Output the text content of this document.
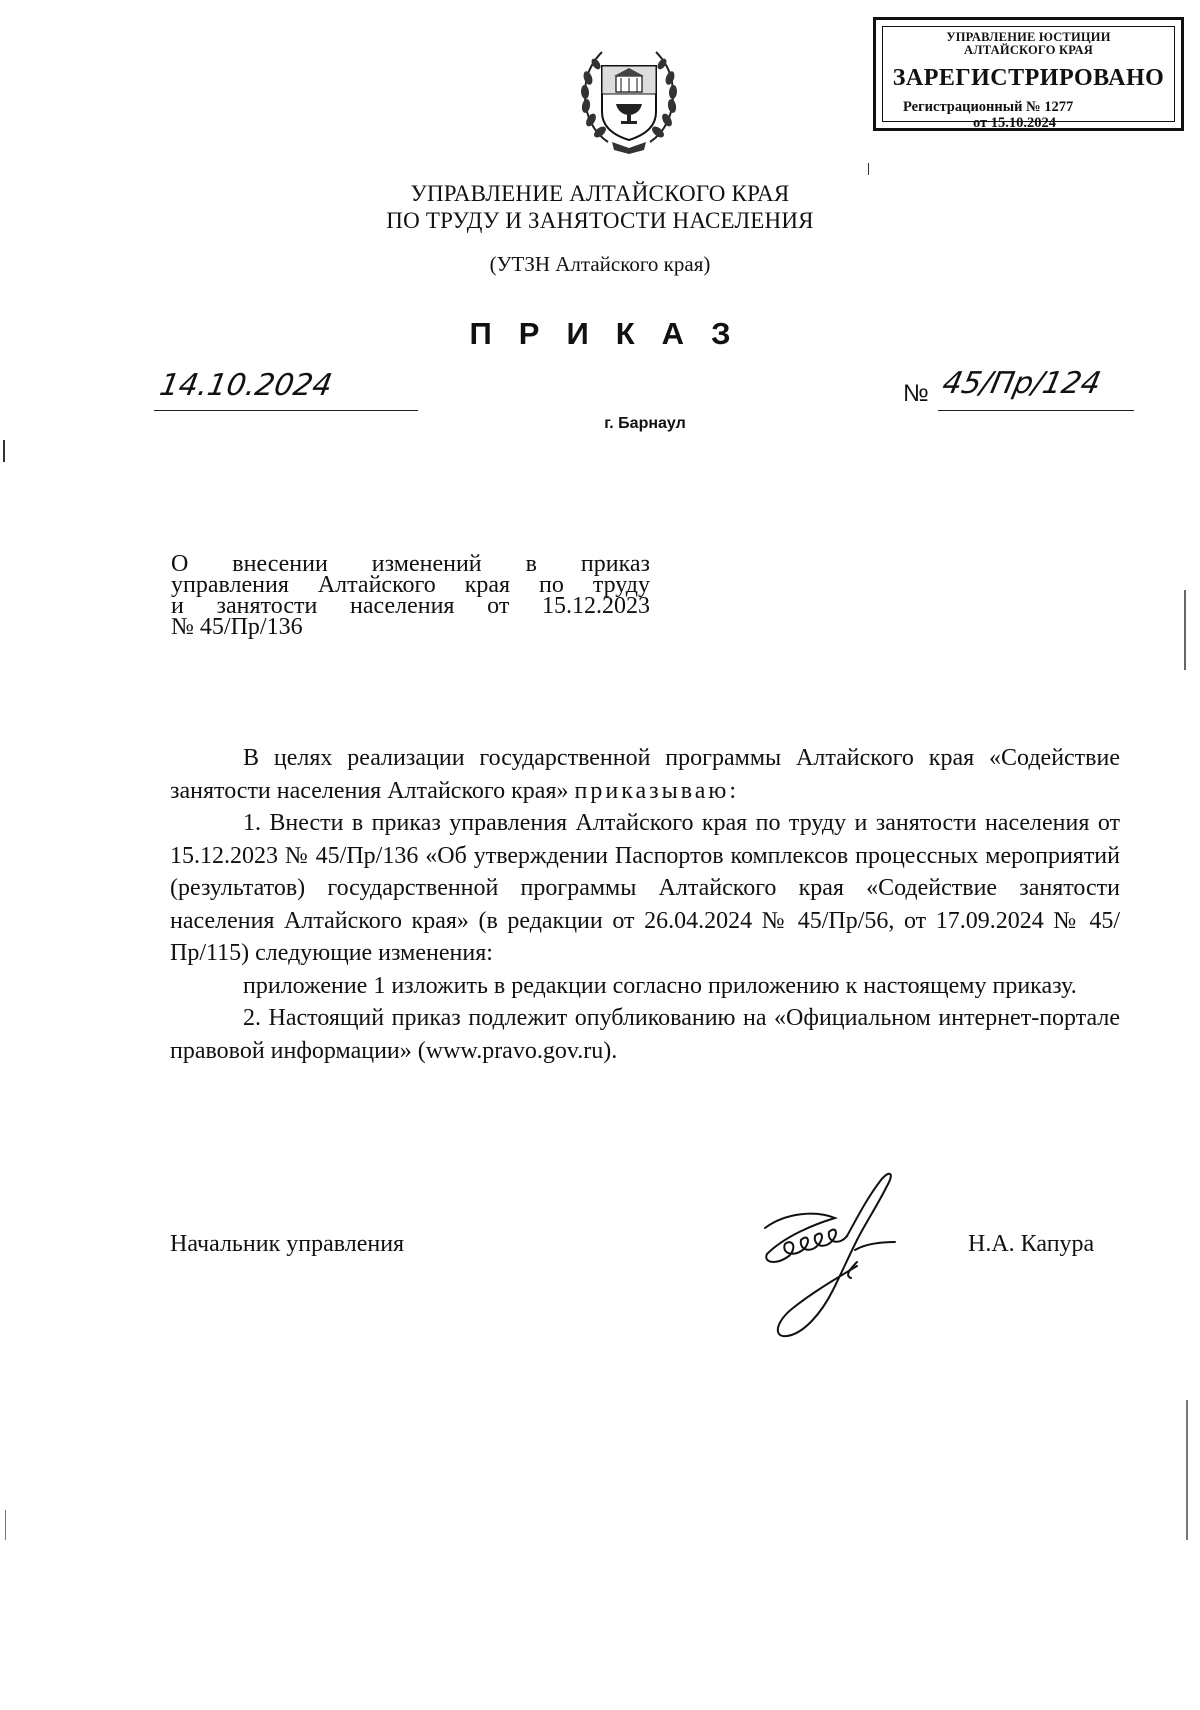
УПРАВЛЕНИЕ ЮСТИЦИИ
АЛТАЙСКОГО КРАЯ
ЗАРЕГИСТРИРОВАНО
Регистрационный № 1277
от 15.10.2024
УПРАВЛЕНИЕ АЛТАЙСКОГО КРАЯ
ПО ТРУДУ И ЗАНЯТОСТИ НАСЕЛЕНИЯ
(УТЗН Алтайского края)
ПРИКАЗ
14.10.2024	№ 45/Пр/124
г. Барнаул
О внесении изменений в приказ
управления Алтайского края по труду
и занятости населения от 15.12.2023
№ 45/Пр/136

В целях реализации государственной программы Алтайского края «Содействие занятости населения Алтайского края» приказываю:

1. Внести в приказ управления Алтайского края по труду и занятости населения от 15.12.2023 № 45/Пр/136 «Об утверждении Паспортов комплексов процессных мероприятий (результатов) государственной программы Алтайского края «Содействие занятости населения Алтайского края» (в редакции от 26.04.2024 № 45/Пр/56, от 17.09.2024 № 45/Пр/115) следующие изменения:

приложение 1 изложить в редакции согласно приложению к настоящему приказу.

2. Настоящий приказ подлежит опубликованию на «Официальном интернет-портале правовой информации» (www.pravo.gov.ru).

Начальник управления	Н.А. Капура
